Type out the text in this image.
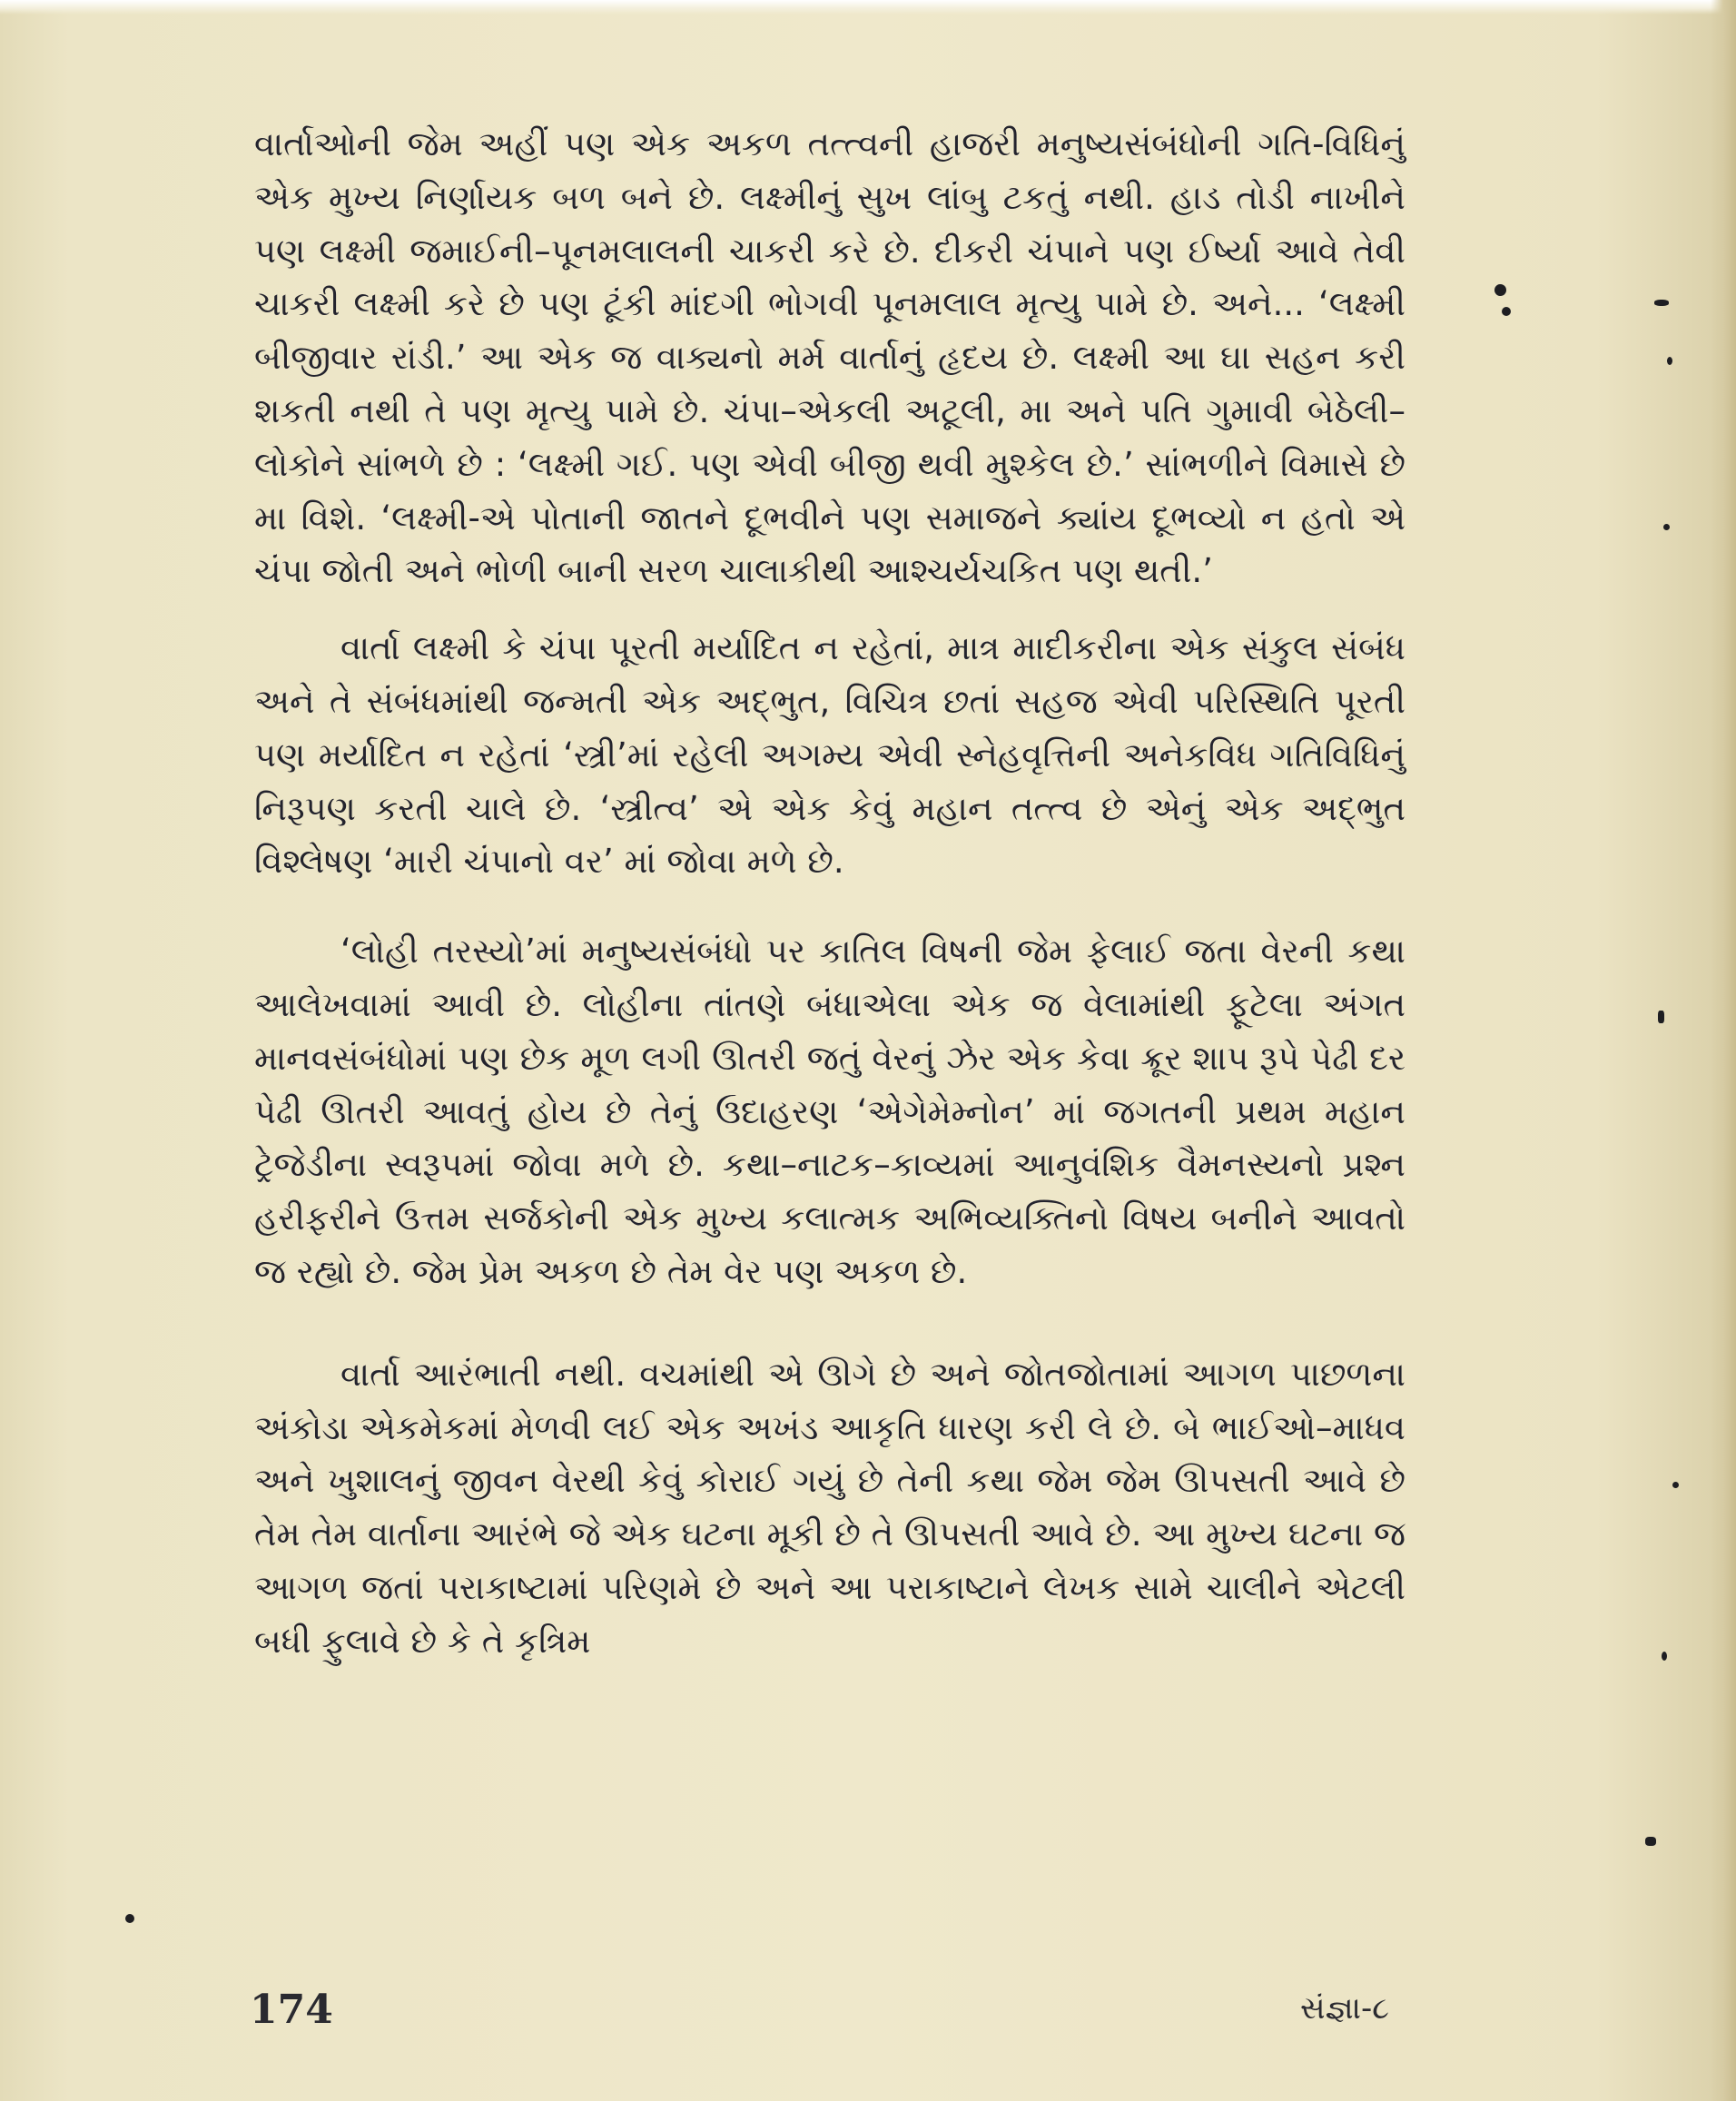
વાર્તાઓની જેમ અહીં પણ એક અકળ તત્ત્વની હાજરી મનુષ્યસંબંધોની ગતિ-વિધિનું એક મુખ્ય નિર્ણાયક બળ બને છે. લક્ષ્મીનું સુખ લાંબુ ટકતું નથી. હાડ તોડી નાખીને પણ લક્ષ્મી જમાઈની–પૂનમલાલની ચાકરી કરે છે. દીકરી ચંપાને પણ ઈર્ષ્યા આવે તેવી ચાકરી લક્ષ્મી કરે છે પણ ટૂંકી માંદગી ભોગવી પૂનમલાલ મૃત્યુ પામે છે. અને... ‘લક્ષ્મી બીજીવાર રાંડી.’ આ એક જ વાક્યનો મર્મ વાર્તાનું હૃદય છે. લક્ષ્મી આ ઘા સહન કરી શકતી નથી તે પણ મૃત્યુ પામે છે. ચંપા–એકલી અટૂલી, મા અને પતિ ગુમાવી બેઠેલી–લોકોને સાંભળે છે : ‘લક્ષ્મી ગઈ. પણ એવી બીજી થવી મુશ્કેલ છે.’ સાંભળીને વિમાસે છે મા વિશે. ‘લક્ષ્મી-એ પોતાની જાતને દૂભવીને પણ સમાજને ક્યાંય દૂભવ્યો ન હતો એ ચંપા જોતી અને ભોળી બાની સરળ ચાલાકીથી આશ્ચર્યચકિત પણ થતી.’

વાર્તા લક્ષ્મી કે ચંપા પૂરતી મર્યાદિત ન રહેતાં, માત્ર માદીકરીના એક સંકુલ સંબંધ અને તે સંબંધમાંથી જન્મતી એક અદ્ભુત, વિચિત્ર છતાં સહજ એવી પરિસ્થિતિ પૂરતી પણ મર્યાદિત ન રહેતાં ‘સ્ત્રી’માં રહેલી અગમ્ય એવી સ્નેહવૃત્તિની અનેકવિધ ગતિવિધિનું નિરૂપણ કરતી ચાલે છે. ‘સ્ત્રીત્વ’ એ એક કેવું મહાન તત્ત્વ છે એનું એક અદ્ભુત વિશ્લેષણ ‘મારી ચંપાનો વર’ માં જોવા મળે છે.

‘લોહી તરસ્યો’માં મનુષ્યસંબંધો પર કાતિલ વિષની જેમ ફેલાઈ જતા વેરની કથા આલેખવામાં આવી છે. લોહીના તાંતણે બંધાએલા એક જ વેલામાંથી ફૂટેલા અંગત માનવસંબંધોમાં પણ છેક મૂળ લગી ઊતરી જતું વેરનું ઝેર એક કેવા ક્રૂર શાપ રૂપે પેઢી દર પેઢી ઊતરી આવતું હોય છે તેનું ઉદાહરણ ‘એગેમેમ્નોન’ માં જગતની પ્રથમ મહાન ટ્રેજેડીના સ્વરૂપમાં જોવા મળે છે. કથા–નાટક–કાવ્યમાં આનુવંશિક વૈમનસ્યનો પ્રશ્ન હરીફરીને ઉત્તમ સર્જકોની એક મુખ્ય કલાત્મક અભિવ્યક્તિનો વિષય બનીને આવતો જ રહ્યો છે. જેમ પ્રેમ અકળ છે તેમ વેર પણ અકળ છે.

વાર્તા આરંભાતી નથી. વચમાંથી એ ઊગે છે અને જોતજોતામાં આગળ પાછળના અંકોડા એકમેકમાં મેળવી લઈ એક અખંડ આકૃતિ ધારણ કરી લે છે. બે ભાઈઓ–માધવ અને ખુશાલનું જીવન વેરથી કેવું કોરાઈ ગયું છે તેની કથા જેમ જેમ ઊપસતી આવે છે તેમ તેમ વાર્તાના આરંભે જે એક ઘટના મૂકી છે તે ઊપસતી આવે છે. આ મુખ્ય ઘટના જ આગળ જતાં પરાકાષ્ટામાં પરિણમે છે અને આ પરાકાષ્ટાને લેખક સામે ચાલીને એટલી બધી ફુલાવે છે કે તે કૃત્રિમ

174	સંજ્ઞા-૮
